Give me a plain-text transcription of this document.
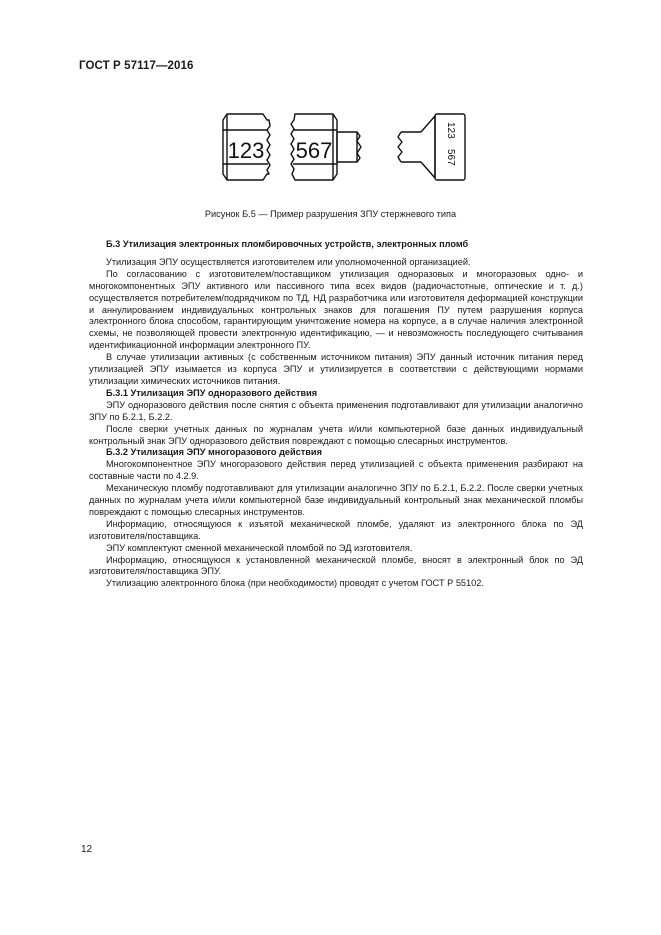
ГОСТ Р 57117—2016
123 567
123
567
Рисунок Б.5 — Пример разрушения ЗПУ стержневого типа

Б.3 Утилизация электронных пломбировочных устройств, электронных пломб

Утилизация ЭПУ осуществляется изготовителем или уполномоченной организацией.

По согласованию с изготовителем/поставщиком утилизация одноразовых и многоразовых одно- и многокомпонентных ЭПУ активного или пассивного типа всех видов (радиочастотные, оптические и т. д.) осуществляется потребителем/подрядчиком по ТД, НД разработчика или изготовителя деформацией конструкции и аннулированием индивидуальных контрольных знаков для погашения ПУ путем разрушения корпуса электронного блока способом, гарантирующим уничтожение номера на корпусе, а в случае наличия электронной схемы, не позволяющей провести электронную идентификацию, — и невозможность последующего считывания идентификационной информации электронного ПУ.

В случае утилизации активных (с собственным источником питания) ЭПУ данный источник питания перед утилизацией ЭПУ изымается из корпуса ЭПУ и утилизируется в соответствии с действующими нормами утилизации химических источников питания.

Б.3.1 Утилизация ЭПУ одноразового действия

ЭПУ одноразового действия после снятия с объекта применения подготавливают для утилизации аналогично ЗПУ по Б.2.1, Б.2.2.

После сверки учетных данных по журналам учета и/или компьютерной базе данных индивидуальный контрольный знак ЭПУ одноразового действия повреждают с помощью слесарных инструментов.

Б.3.2 Утилизация ЭПУ многоразового действия

Многокомпонентное ЭПУ многоразового действия перед утилизацией с объекта применения разбирают на составные части по 4.2.9.

Механическую пломбу подготавливают для утилизации аналогично ЗПУ по Б.2.1, Б.2.2. После сверки учетных данных по журналам учета и/или компьютерной базе индивидуальный контрольный знак механической пломбы повреждают с помощью слесарных инструментов.

Информацию, относящуюся к изъятой механической пломбе, удаляют из электронного блока по ЭД изготовителя/поставщика.

ЭПУ комплектуют сменной механической пломбой по ЭД изготовителя.

Информацию, относящуюся к установленной механической пломбе, вносят в электронный блок по ЭД изготовителя/поставщика ЭПУ.

Утилизацию электронного блока (при необходимости) проводят с учетом ГОСТ Р 55102.

12
